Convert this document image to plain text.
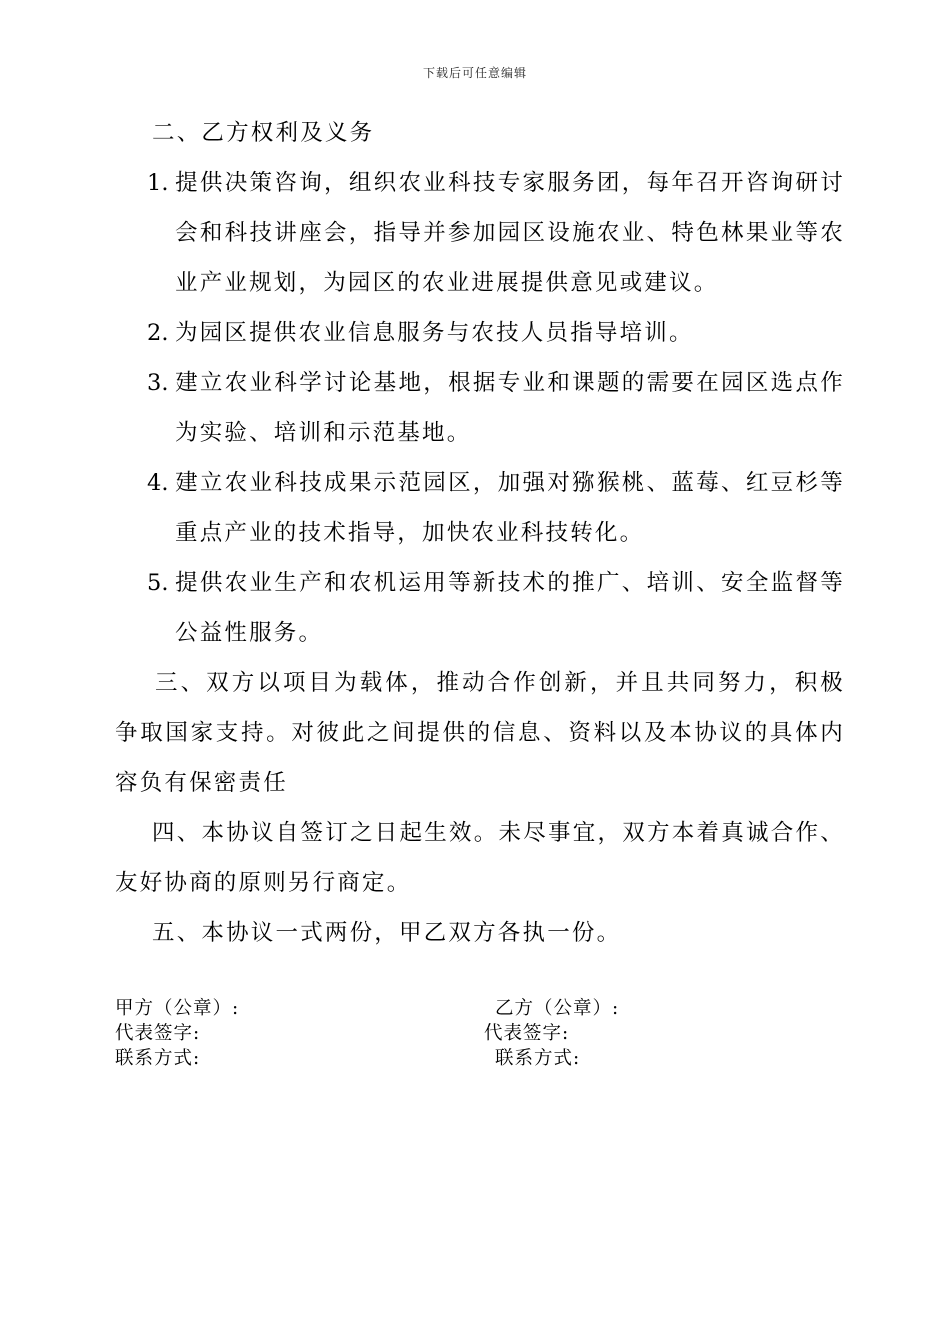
下载后可任意编辑

二、乙方权利及义务

1. 提供决策咨询，组织农业科技专家服务团，每年召开咨询研讨会和科技讲座会，指导并参加园区设施农业、特色林果业等农业产业规划，为园区的农业进展提供意见或建议。

2. 为园区提供农业信息服务与农技人员指导培训。

3. 建立农业科学讨论基地，根据专业和课题的需要在园区选点作为实验、培训和示范基地。

4. 建立农业科技成果示范园区，加强对猕猴桃、蓝莓、红豆杉等重点产业的技术指导，加快农业科技转化。

5. 提供农业生产和农机运用等新技术的推广、培训、安全监督等公益性服务。

三、双方以项目为载体，推动合作创新，并且共同努力，积极争取国家支持。对彼此之间提供的信息、资料以及本协议的具体内容负有保密责任

四、本协议自签订之日起生效。未尽事宜，双方本着真诚合作、友好协商的原则另行商定。

五、本协议一式两份，甲乙双方各执一份。

甲方（公章）:	乙方（公章）:
代表签字:	代表签字:
联系方式:	联系方式:
